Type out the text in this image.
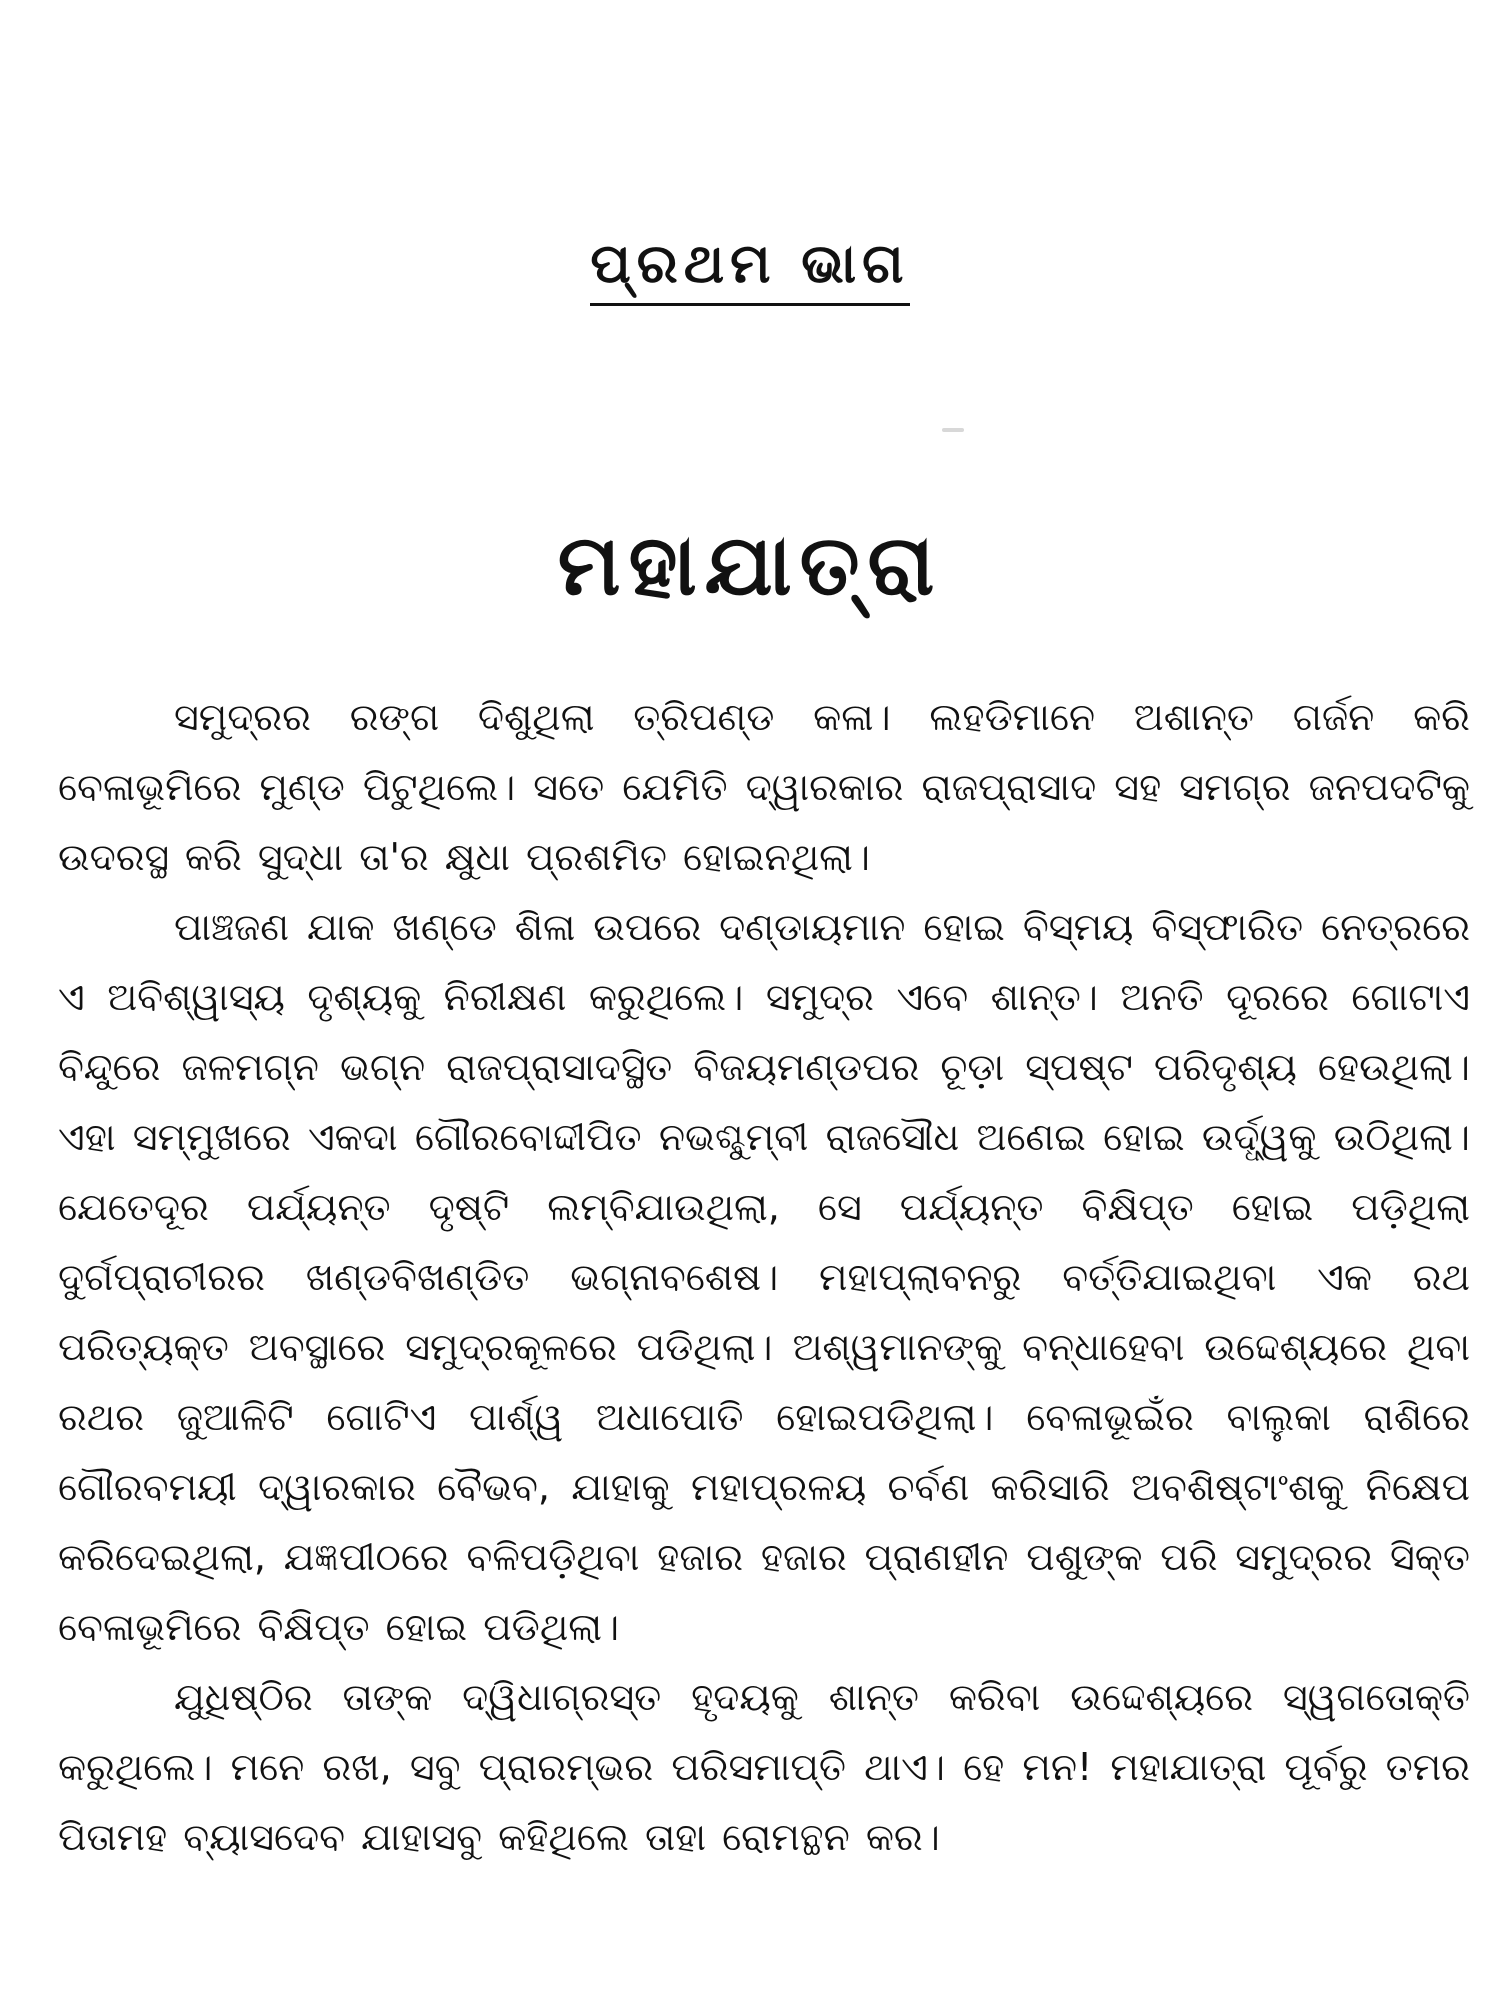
ପ୍ରଥମ ଭାଗ
ମହାଯାତ୍ରା

ସମୁଦ୍ରର ରଙ୍ଗ ଦିଶୁଥିଲା ତ୍ରିପଣ୍ଡ କଳା। ଲହଡିମାନେ ଅଶାନ୍ତ ଗର୍ଜନ କରି ବେଳାଭୂମିରେ ମୁଣ୍ଡ ପିଟୁଥିଲେ। ସତେ ଯେମିତି ଦ୍ୱାରକାର ରାଜପ୍ରାସାଦ ସହ ସମଗ୍ର ଜନପଦଟିକୁ ଉଦରସ୍ଥ କରି ସୁଦ୍ଧା ତା'ର କ୍ଷୁଧା ପ୍ରଶମିତ ହୋଇନଥିଲା।

ପାଞ୍ଚଜଣ ଯାକ ଖଣ୍ଡେ ଶିଳା ଉପରେ ଦଣ୍ଡାୟମାନ ହୋଇ ବିସ୍ମୟ ବିସ୍ଫାରିତ ନେତ୍ରରେ ଏ ଅବିଶ୍ୱାସ୍ୟ ଦୃଶ୍ୟକୁ ନିରୀକ୍ଷଣ କରୁଥିଲେ। ସମୁଦ୍ର ଏବେ ଶାନ୍ତ। ଅନତି ଦୂରରେ ଗୋଟାଏ ବିନ୍ଦୁରେ ଜଳମଗ୍ନ ଭଗ୍ନ ରାଜପ୍ରାସାଦସ୍ଥିତ ବିଜୟମଣ୍ଡପର ଚୂଡ଼ା ସ୍ପଷ୍ଟ ପରିଦୃଶ୍ୟ ହେଉଥିଲା। ଏହା ସମ୍ମୁଖରେ ଏକଦା ଗୌରବୋଦ୍ଦୀପିତ ନଭଶ୍ଚୁମ୍ବୀ ରାଜସୌଧ ଅଣେଇ ହୋଇ ଉର୍ଦ୍ଧ୍ୱକୁ ଉଠିଥିଲା। ଯେତେଦୂର ପର୍ଯ୍ୟନ୍ତ ଦୃଷ୍ଟି ଲମ୍ବିଯାଉଥିଲା, ସେ ପର୍ଯ୍ୟନ୍ତ ବିକ୍ଷିପ୍ତ ହୋଇ ପଡ଼ିଥିଲା ଦୁର୍ଗପ୍ରାଚୀରର ଖଣ୍ଡବିଖଣ୍ଡିତ ଭଗ୍ନାବଶେଷ। ମହାପ୍ଲାବନରୁ ବର୍ତ୍ତିଯାଇଥିବା ଏକ ରଥ ପରିତ୍ୟକ୍ତ ଅବସ୍ଥାରେ ସମୁଦ୍ରକୂଳରେ ପଡିଥିଲା। ଅଶ୍ୱମାନଙ୍କୁ ବନ୍ଧାହେବା ଉଦ୍ଦେଶ୍ୟରେ ଥିବା ରଥର ଜୁଆଳିଟି ଗୋଟିଏ ପାର୍ଶ୍ୱ ଅଧାପୋତି ହୋଇପଡିଥିଲା। ବେଳାଭୂଇଁର ବାଲୁକା ରାଶିରେ ଗୌରବମୟୀ ଦ୍ୱାରକାର ବୈଭବ, ଯାହାକୁ ମହାପ୍ରଳୟ ଚର୍ବଣ କରିସାରି ଅବଶିଷ୍ଟାଂଶକୁ ନିକ୍ଷେପ କରିଦେଇଥିଲା, ଯଜ୍ଞପୀଠରେ ବଳିପଡ଼ିଥିବା ହଜାର ହଜାର ପ୍ରାଣହୀନ ପଶୁଙ୍କ ପରି ସମୁଦ୍ରର ସିକ୍ତ ବେଳାଭୂମିରେ ବିକ୍ଷିପ୍ତ ହୋଇ ପଡିଥିଲା।

ଯୁଧିଷ୍ଠିର ତାଙ୍କ ଦ୍ୱିଧାଗ୍ରସ୍ତ ହୃଦୟକୁ ଶାନ୍ତ କରିବା ଉଦ୍ଦେଶ୍ୟରେ ସ୍ୱଗତୋକ୍ତି କରୁଥିଲେ। ମନେ ରଖ, ସବୁ ପ୍ରାରମ୍ଭର ପରିସମାପ୍ତି ଥାଏ। ହେ ମନ! ମହାଯାତ୍ରା ପୂର୍ବରୁ ତମର ପିତାମହ ବ୍ୟାସଦେବ ଯାହାସବୁ କହିଥିଲେ ତାହା ରୋମନ୍ଥନ କର।
